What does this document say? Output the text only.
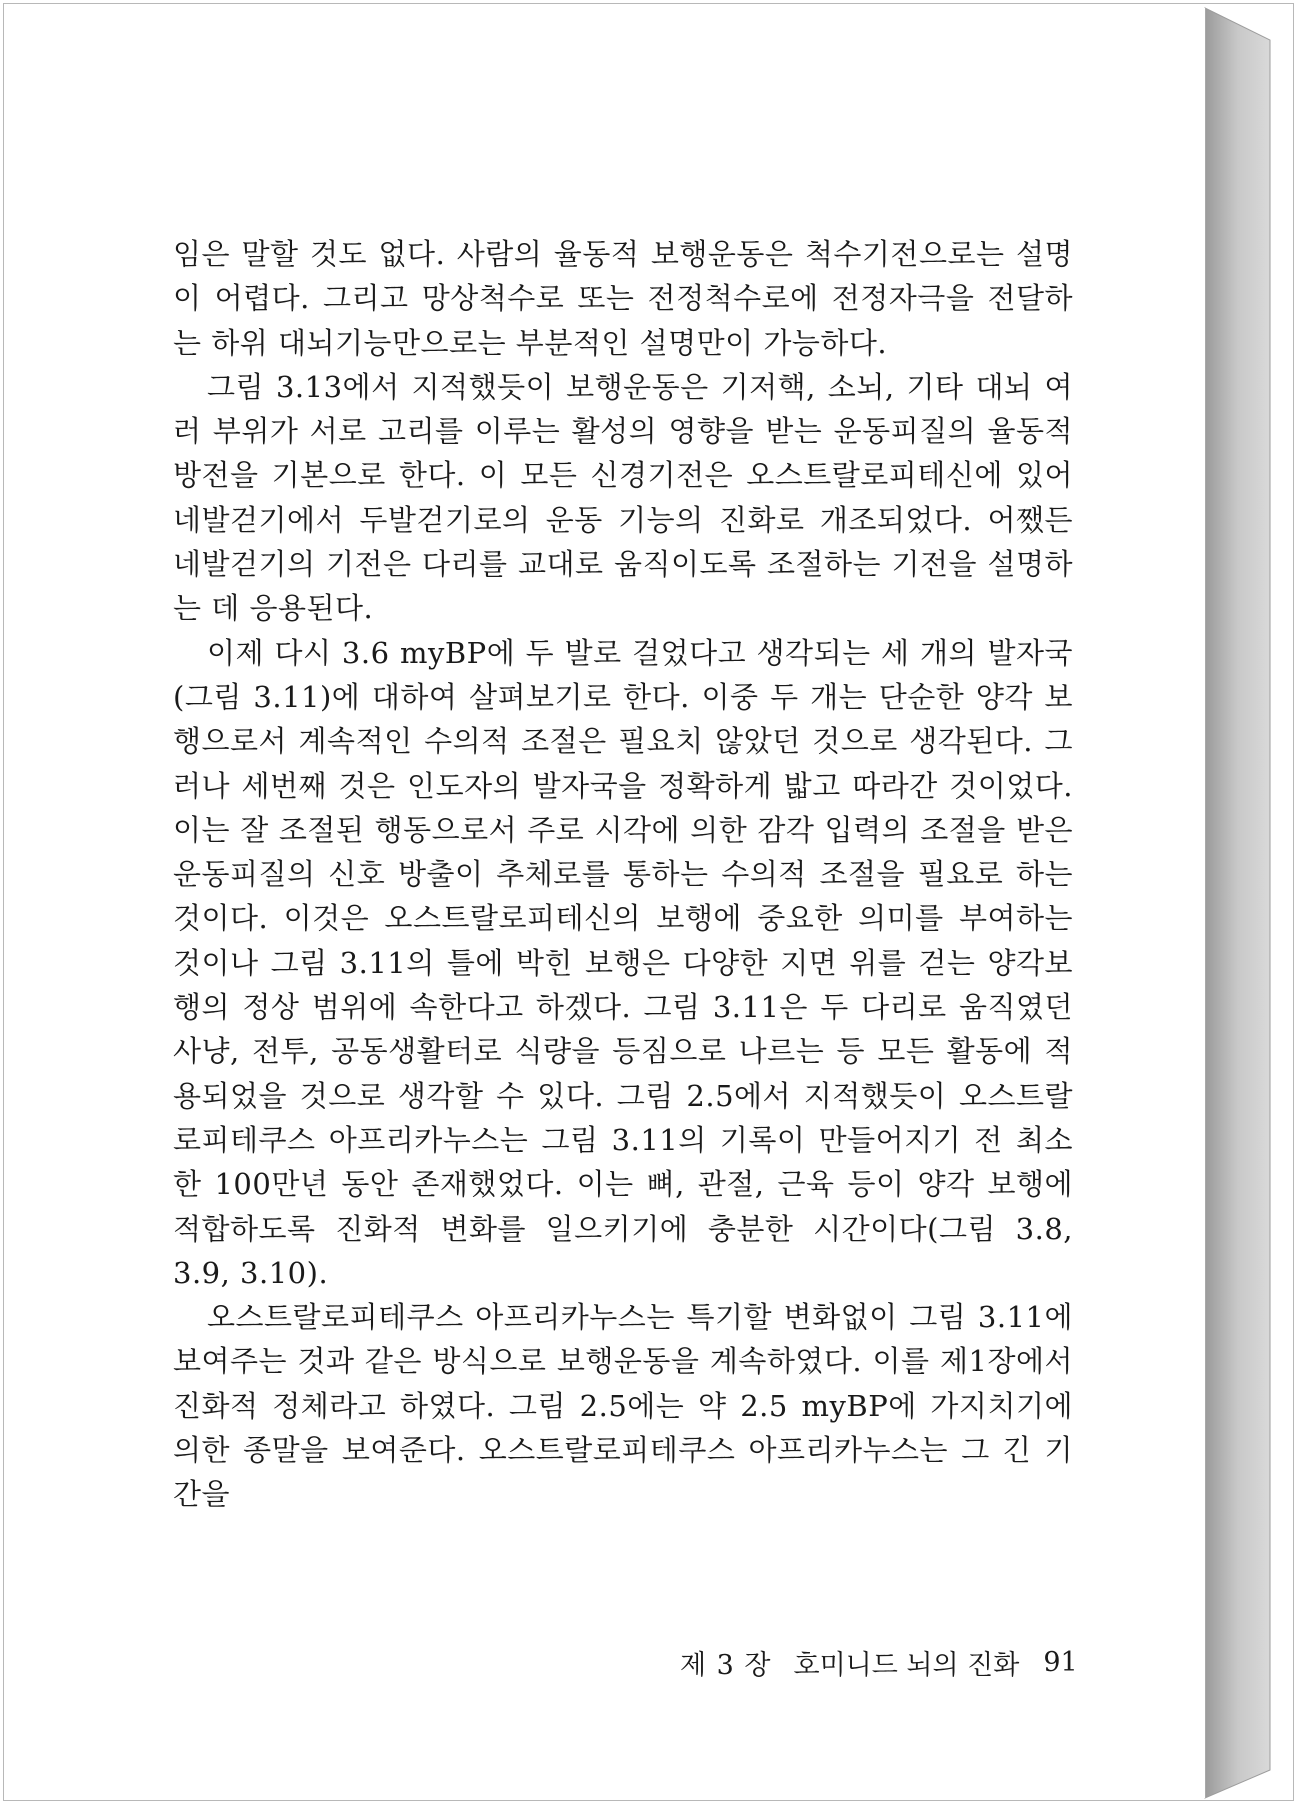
임은 말할 것도 없다. 사람의 율동적 보행운동은 척수기전으로는 설명이 어렵다. 그리고 망상척수로 또는 전정척수로에 전정자극을 전달하는 하위 대뇌기능만으로는 부분적인 설명만이 가능하다.

그림 3.13에서 지적했듯이 보행운동은 기저핵, 소뇌, 기타 대뇌 여러 부위가 서로 고리를 이루는 활성의 영향을 받는 운동피질의 율동적 방전을 기본으로 한다. 이 모든 신경기전은 오스트랄로피테신에 있어 네발걷기에서 두발걷기로의 운동 기능의 진화로 개조되었다. 어쨌든 네발걷기의 기전은 다리를 교대로 움직이도록 조절하는 기전을 설명하는 데 응용된다.

이제 다시 3.6 myBP에 두 발로 걸었다고 생각되는 세 개의 발자국(그림 3.11)에 대하여 살펴보기로 한다. 이중 두 개는 단순한 양각 보행으로서 계속적인 수의적 조절은 필요치 않았던 것으로 생각된다. 그러나 세번째 것은 인도자의 발자국을 정확하게 밟고 따라간 것이었다. 이는 잘 조절된 행동으로서 주로 시각에 의한 감각 입력의 조절을 받은 운동피질의 신호 방출이 추체로를 통하는 수의적 조절을 필요로 하는 것이다. 이것은 오스트랄로피테신의 보행에 중요한 의미를 부여하는 것이나 그림 3.11의 틀에 박힌 보행은 다양한 지면 위를 걷는 양각보행의 정상 범위에 속한다고 하겠다. 그림 3.11은 두 다리로 움직였던 사냥, 전투, 공동생활터로 식량을 등짐으로 나르는 등 모든 활동에 적용되었을 것으로 생각할 수 있다. 그림 2.5에서 지적했듯이 오스트랄로피테쿠스 아프리카누스는 그림 3.11의 기록이 만들어지기 전 최소한 100만년 동안 존재했었다. 이는 뼈, 관절, 근육 등이 양각 보행에 적합하도록 진화적 변화를 일으키기에 충분한 시간이다(그림 3.8, 3.9, 3.10).

오스트랄로피테쿠스 아프리카누스는 특기할 변화없이 그림 3.11에 보여주는 것과 같은 방식으로 보행운동을 계속하였다. 이를 제1장에서 진화적 정체라고 하였다. 그림 2.5에는 약 2.5 myBP에 가지치기에 의한 종말을 보여준다. 오스트랄로피테쿠스 아프리카누스는 그 긴 기간을

제 3 장 호미니드 뇌의 진화 91
